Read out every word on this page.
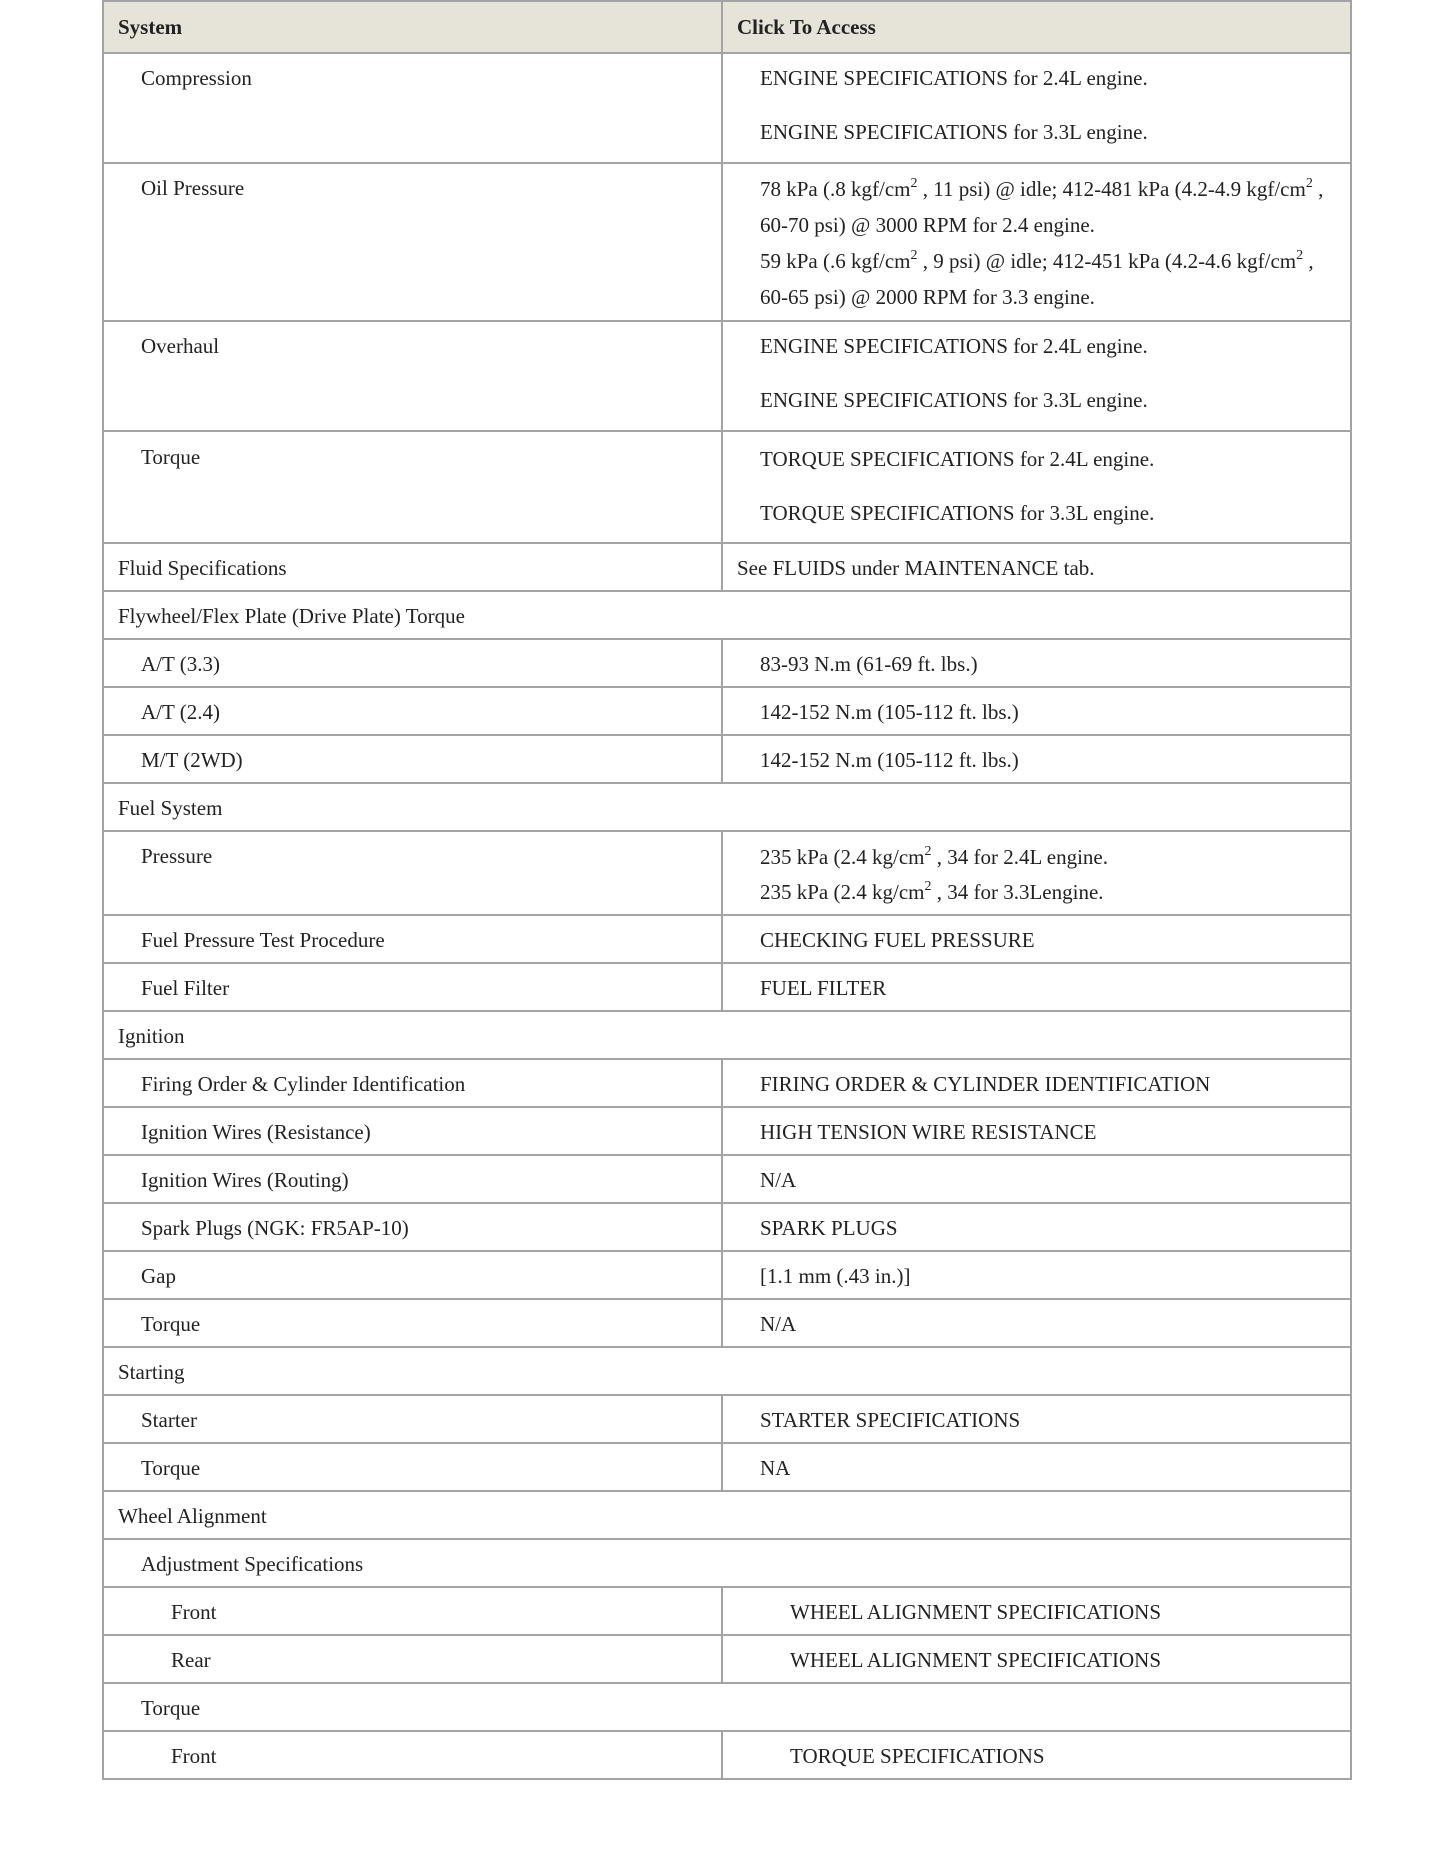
System	Click To Access
Compression	ENGINE SPECIFICATIONS for 2.4L engine.

ENGINE SPECIFICATIONS for 3.3L engine.

Oil Pressure	78 kPa (.8 kgf/$cm^2$ , 11 psi) @ idle; 412-481 kPa (4.2-4.9 kgf/$cm^2$ , 60-70 psi) @ 3000 RPM for 2.4 engine.

59 kPa (.6 kgf/$cm^2$ , 9 psi) @ idle; 412-451 kPa (4.2-4.6 kgf/$cm^2$ , 60-65 psi) @ 2000 RPM for 3.3 engine.

Overhaul	ENGINE SPECIFICATIONS for 2.4L engine.

ENGINE SPECIFICATIONS for 3.3L engine.

Torque	TORQUE SPECIFICATIONS for 2.4L engine.

TORQUE SPECIFICATIONS for 3.3L engine.

Fluid Specifications	See FLUIDS under MAINTENANCE tab.
Flywheel/Flex Plate (Drive Plate) Torque	
A/T (3.3)	83-93 N.m (61-69 ft. lbs.)
A/T (2.4)	142-152 N.m (105-112 ft. lbs.)
M/T (2WD)	142-152 N.m (105-112 ft. lbs.)
Fuel System	
Pressure	235 kPa (2.4 $kg/cm^2$ , 34 for 2.4L engine.

235 kPa (2.4 $kg/cm^2$ , 34 for 3.3Lengine.

Fuel Pressure Test Procedure	CHECKING FUEL PRESSURE
Fuel Filter	FUEL FILTER
Ignition	
Firing Order & Cylinder Identification	FIRING ORDER & CYLINDER IDENTIFICATION
Ignition Wires (Resistance)	HIGH TENSION WIRE RESISTANCE
Ignition Wires (Routing)	N/A
Spark Plugs (NGK: FR5AP-10)	SPARK PLUGS
Gap	[1.1 mm (.43 in.)]
Torque	N/A
Starting	
Starter	STARTER SPECIFICATIONS
Torque	NA
Wheel Alignment	
Adjustment Specifications	
Front	WHEEL ALIGNMENT SPECIFICATIONS
Rear	WHEEL ALIGNMENT SPECIFICATIONS
Torque	
Front	TORQUE SPECIFICATIONS
